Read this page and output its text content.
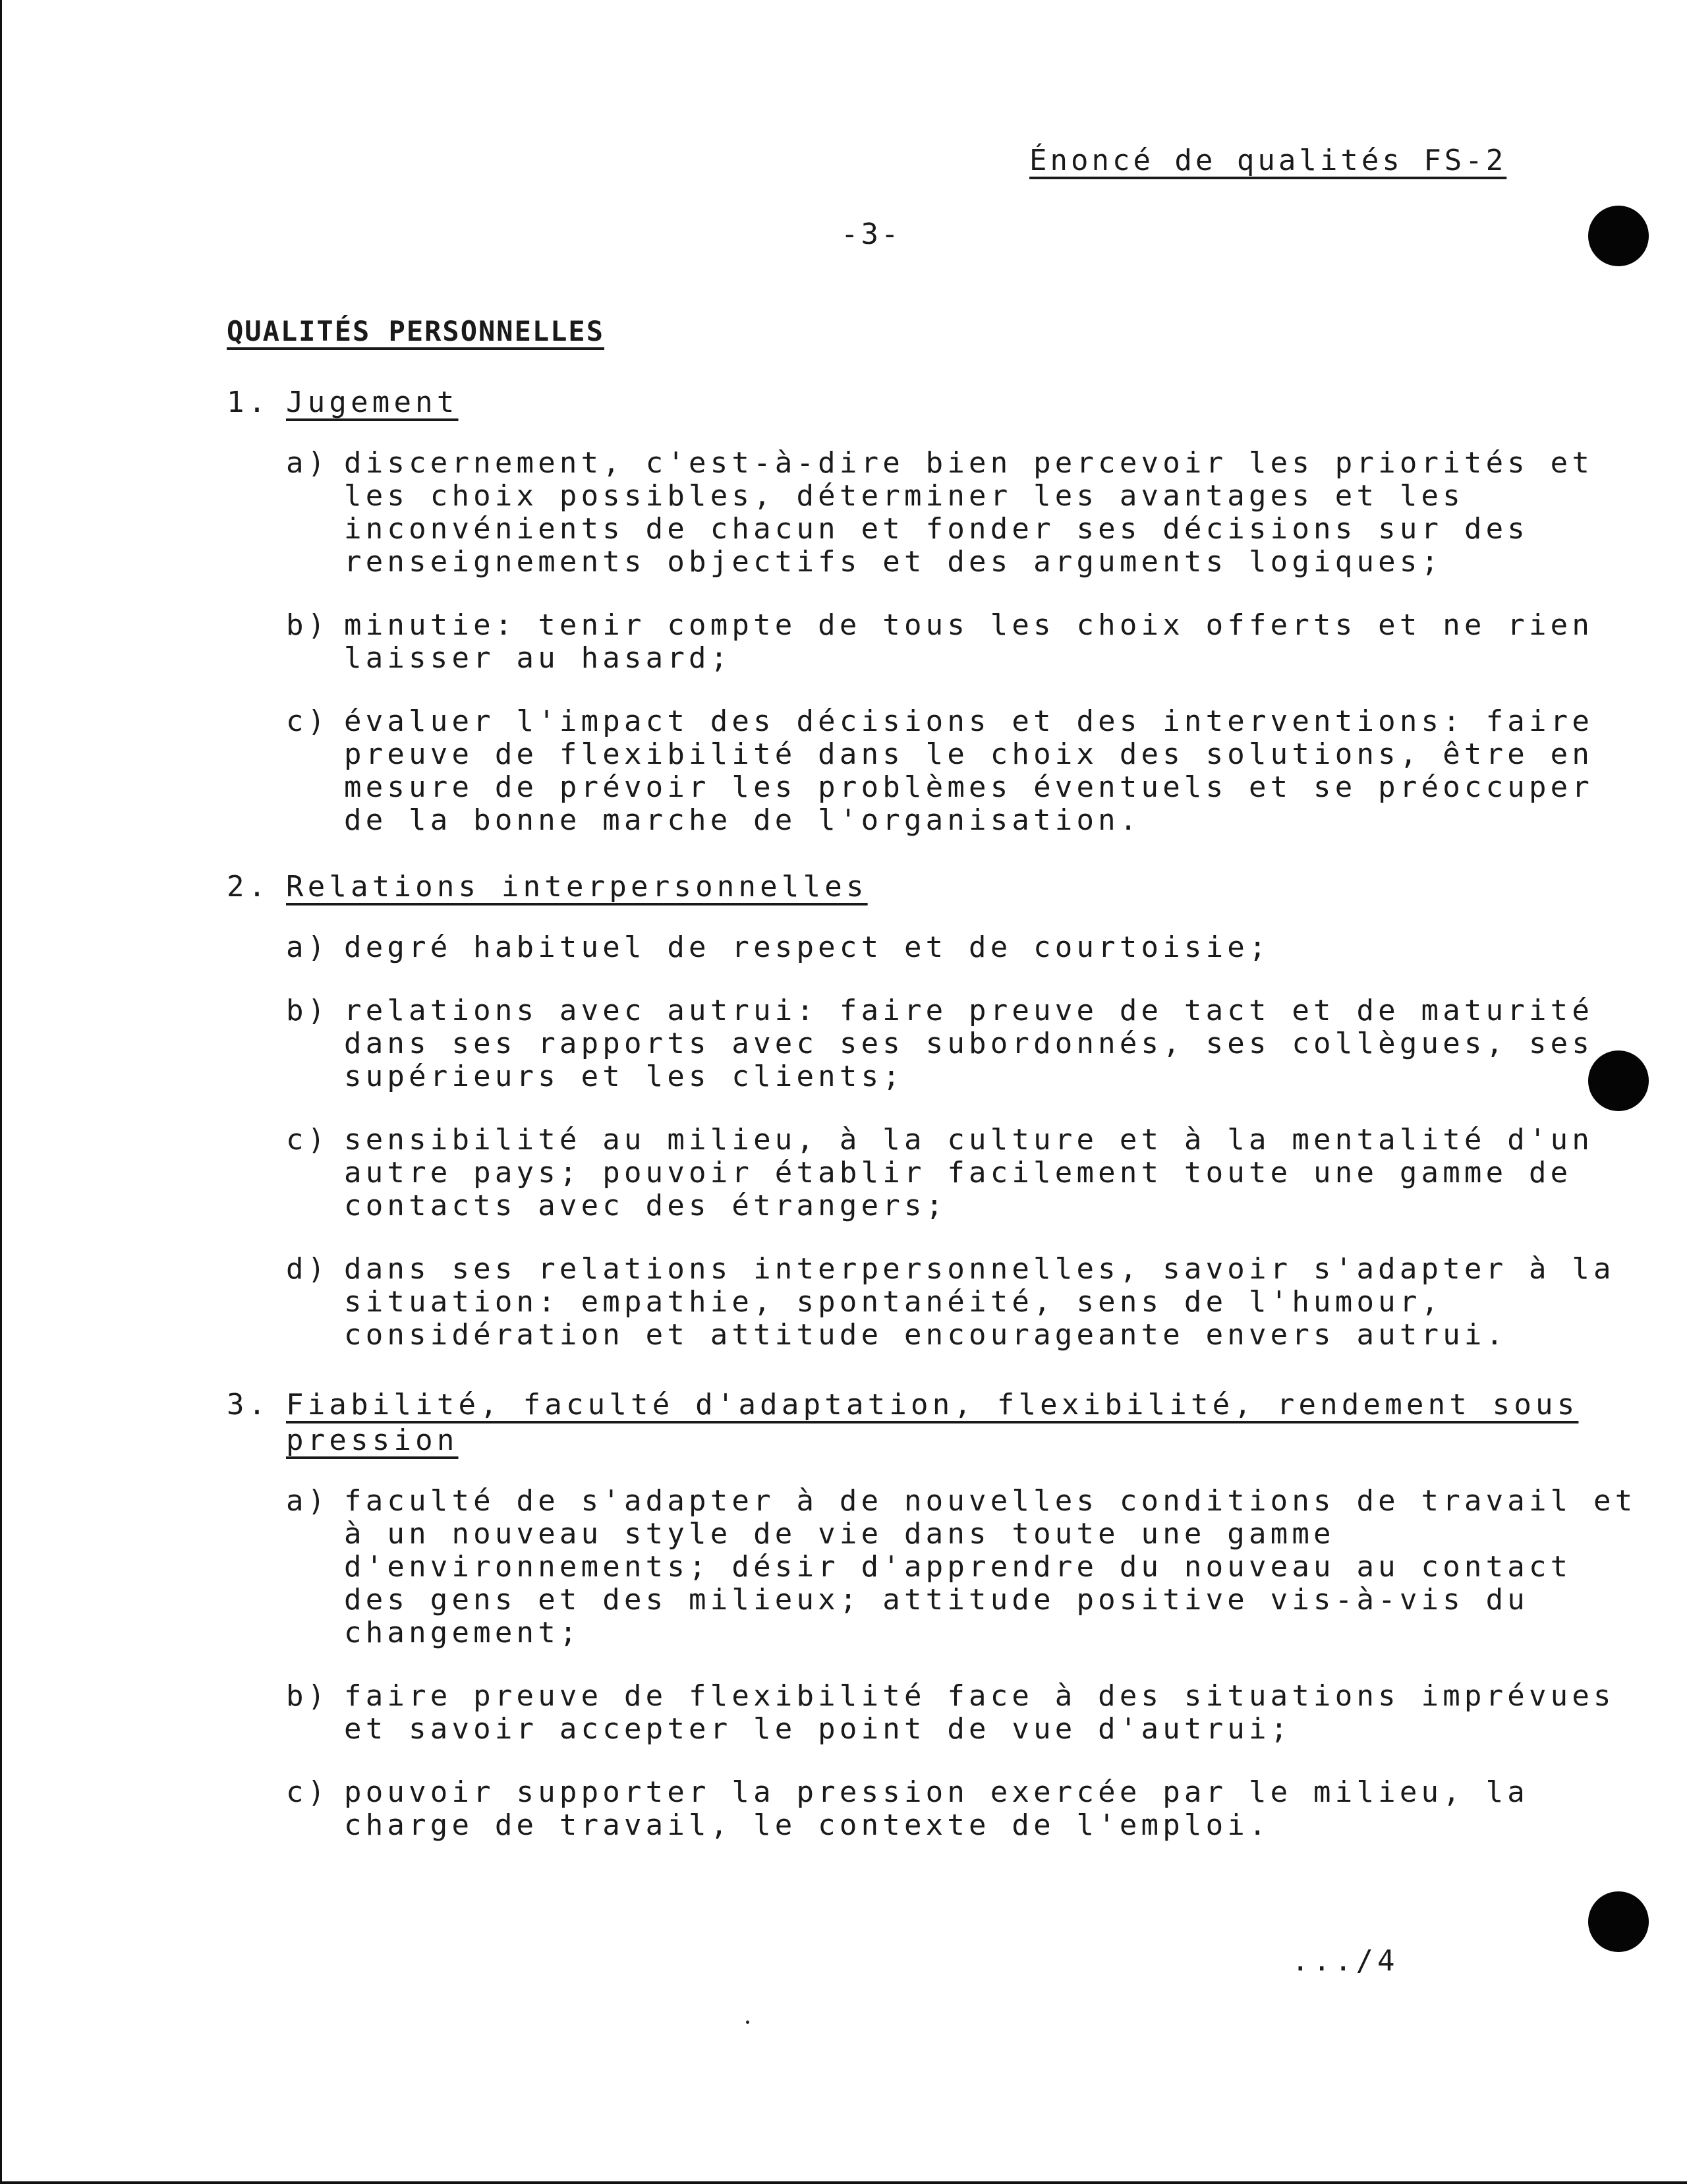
Énoncé de qualités FS-2
-3-
QUALITÉS PERSONNELLES
1. Jugement
a) discernement, c'est-à-dire bien percevoir les priorités et
les choix possibles, déterminer les avantages et les
inconvénients de chacun et fonder ses décisions sur des
renseignements objectifs et des arguments logiques;
b) minutie: tenir compte de tous les choix offerts et ne rien
laisser au hasard;
c) évaluer l'impact des décisions et des interventions: faire
preuve de flexibilité dans le choix des solutions, être en
mesure de prévoir les problèmes éventuels et se préoccuper
de la bonne marche de l'organisation.
2. Relations interpersonnelles
a) degré habituel de respect et de courtoisie;
b) relations avec autrui: faire preuve de tact et de maturité
dans ses rapports avec ses subordonnés, ses collègues, ses
supérieurs et les clients;
c) sensibilité au milieu, à la culture et à la mentalité d'un
autre pays; pouvoir établir facilement toute une gamme de
contacts avec des étrangers;
d) dans ses relations interpersonnelles, savoir s'adapter à la
situation: empathie, spontanéité, sens de l'humour,
considération et attitude encourageante envers autrui.
3. Fiabilité, faculté d'adaptation, flexibilité, rendement sous
pression
a) faculté de s'adapter à de nouvelles conditions de travail et
à un nouveau style de vie dans toute une gamme
d'environnements; désir d'apprendre du nouveau au contact
des gens et des milieux; attitude positive vis-à-vis du
changement;
b) faire preuve de flexibilité face à des situations imprévues
et savoir accepter le point de vue d'autrui;
c) pouvoir supporter la pression exercée par le milieu, la
charge de travail, le contexte de l'emploi.
.../4
